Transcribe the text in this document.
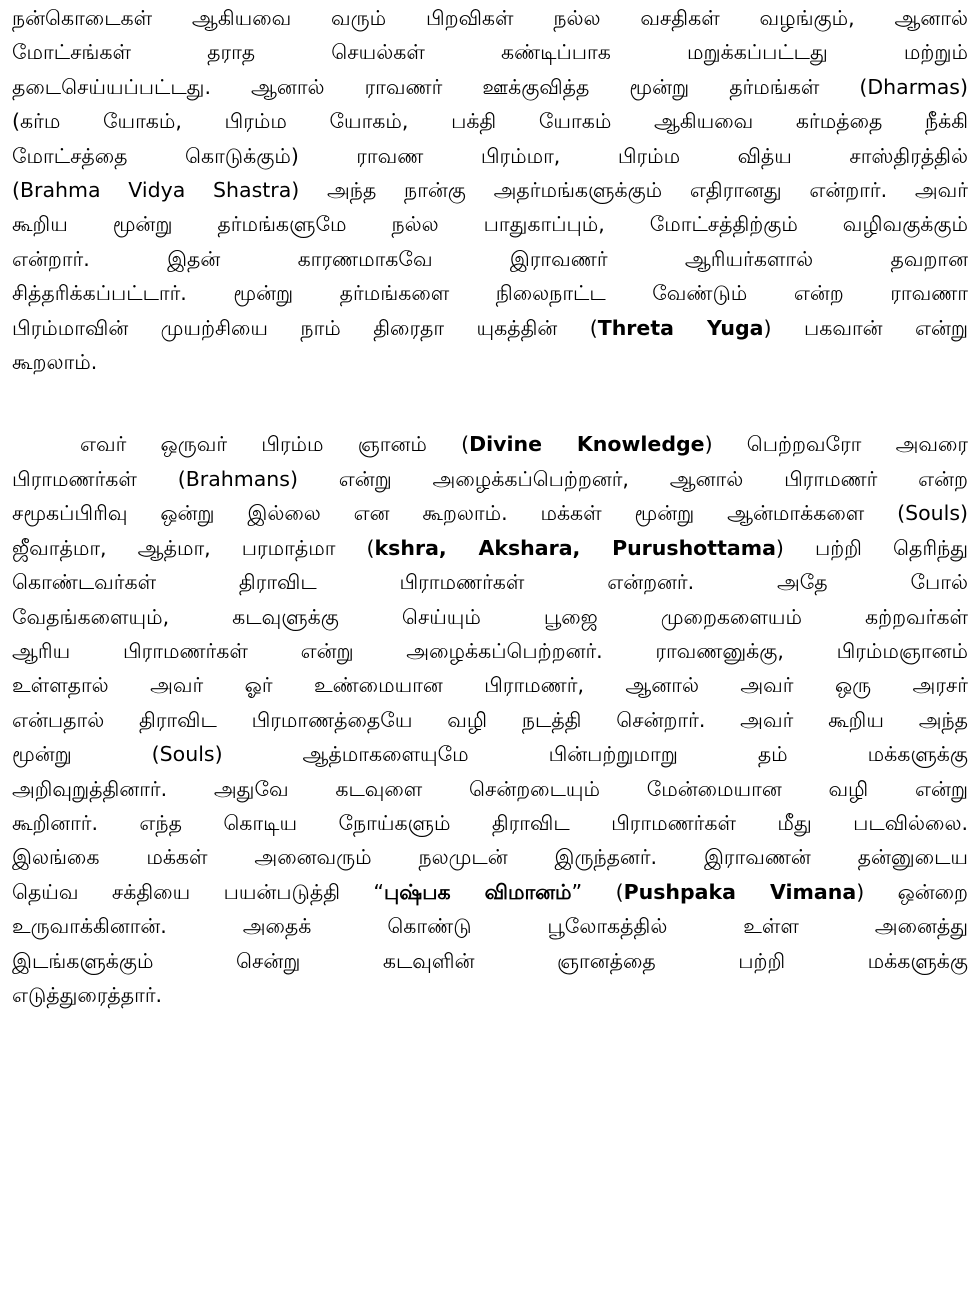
நன்கொடைகள் ஆகியவை வரும் பிறவிகள் நல்ல வசதிகள் வழங்கும், ஆனால்
மோட்சங்கள் தராத செயல்கள் கண்டிப்பாக மறுக்கப்பட்டது மற்றும்
தடைசெய்யப்பட்டது. ஆனால் ராவணர் ஊக்குவித்த மூன்று தர்மங்கள் (Dharmas)
(கர்ம யோகம், பிரம்ம யோகம், பக்தி யோகம் ஆகியவை கர்மத்தை நீக்கி
மோட்சத்தை கொடுக்கும்) ராவண பிரம்மா, பிரம்ம வித்ய சாஸ்திரத்தில்
(Brahma Vidya Shastra) அந்த நான்கு அதர்மங்களுக்கும் எதிரானது என்றார். அவர்
கூறிய மூன்று தர்மங்களுமே நல்ல பாதுகாப்பும், மோட்சத்திற்கும் வழிவகுக்கும்
என்றார். இதன் காரணமாகவே இராவணர் ஆரியர்களால் தவறான
சித்தரிக்கப்பட்டார். மூன்று தர்மங்களை நிலைநாட்ட வேண்டும் என்ற ராவணா
பிரம்மாவின் முயற்சியை நாம் திரைதா யுகத்தின் (Threta Yuga) பகவான் என்று
கூறலாம்.

எவர் ஒருவர் பிரம்ம ஞானம் (Divine Knowledge) பெற்றவரோ அவரை
பிராமணர்கள் (Brahmans) என்று அழைக்கப்பெற்றனர், ஆனால் பிராமணர் என்ற
சமூகப்பிரிவு ஒன்று இல்லை என கூறலாம். மக்கள் மூன்று ஆன்மாக்களை (Souls)
ஜீவாத்மா, ஆத்மா, பரமாத்மா (kshra, Akshara, Purushottama) பற்றி தெரிந்து
கொண்டவர்கள் திராவிட பிராமணர்கள் என்றனர். அதே போல்
வேதங்களையும், கடவுளுக்கு செய்யும் பூஜை முறைகளையம் கற்றவர்கள்
ஆரிய பிராமணர்கள் என்று அழைக்கப்பெற்றனர். ராவணனுக்கு, பிரம்மஞானம்
உள்ளதால் அவர் ஓர் உண்மையான பிராமணர், ஆனால் அவர் ஒரு அரசர்
என்பதால் திராவிட பிரமாணத்தையே வழி நடத்தி சென்றார். அவர் கூறிய அந்த
மூன்று (Souls) ஆத்மாகளையுமே பின்பற்றுமாறு தம் மக்களுக்கு
அறிவுறுத்தினார். அதுவே கடவுளை சென்றடையும் மேன்மையான வழி என்று
கூறினார். எந்த கொடிய நோய்களும் திராவிட பிராமணர்கள் மீது படவில்லை.
இலங்கை மக்கள் அனைவரும் நலமுடன் இருந்தனர். இராவணன் தன்னுடைய
தெய்வ சக்தியை பயன்படுத்தி “புஷ்பக விமானம்” (Pushpaka Vimana) ஒன்றை
உருவாக்கினான். அதைக் கொண்டு பூலோகத்தில் உள்ள அனைத்து
இடங்களுக்கும் சென்று கடவுளின் ஞானத்தை பற்றி மக்களுக்கு
எடுத்துரைத்தார்.
